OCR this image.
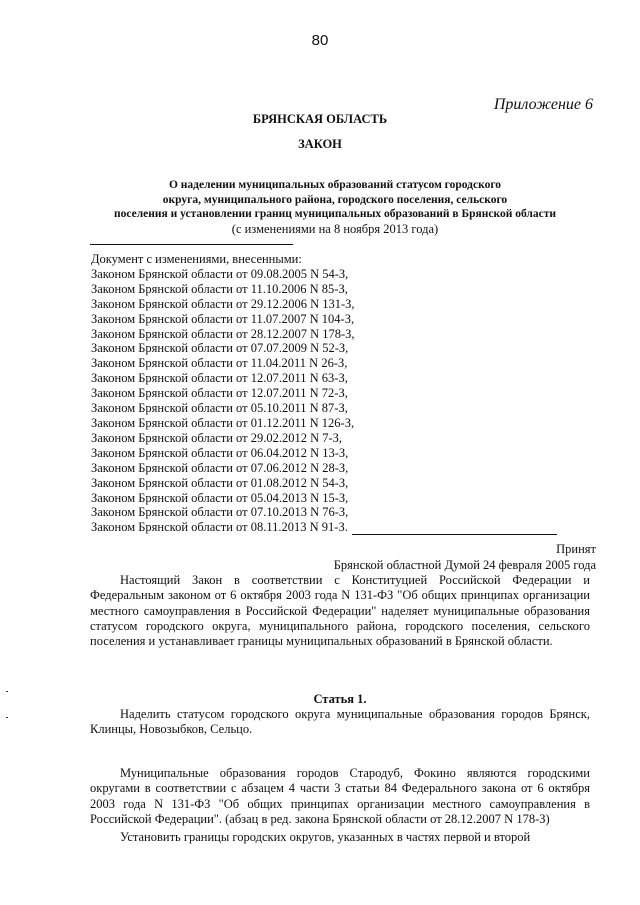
80
Приложение 6
БРЯНСКАЯ ОБЛАСТЬ
ЗАКОН
О наделении муниципальных образований статусом городского
округа, муниципального района, городского поселения, сельского
поселения и установлении границ муниципальных образований в Брянской области
(с изменениями на 8 ноября 2013 года)
Документ с изменениями, внесенными:
Законом Брянской области от 09.08.2005 N 54-З,
Законом Брянской области от 11.10.2006 N 85-З,
Законом Брянской области от 29.12.2006 N 131-З,
Законом Брянской области от 11.07.2007 N 104-З,
Законом Брянской области от 28.12.2007 N 178-З,
Законом Брянской области от 07.07.2009 N 52-З,
Законом Брянской области от 11.04.2011 N 26-З,
Законом Брянской области от 12.07.2011 N 63-З,
Законом Брянской области от 12.07.2011 N 72-З,
Законом Брянской области от 05.10.2011 N 87-З,
Законом Брянской области от 01.12.2011 N 126-З,
Законом Брянской области от 29.02.2012 N 7-З,
Законом Брянской области от 06.04.2012 N 13-З,
Законом Брянской области от 07.06.2012 N 28-З,
Законом Брянской области от 01.08.2012 N 54-З,
Законом Брянской области от 05.04.2013 N 15-З,
Законом Брянской области от 07.10.2013 N 76-З,
Законом Брянской области от 08.11.2013 N 91-З.
Принят
Брянской областной Думой 24 февраля 2005 года
Настоящий Закон в соответствии с Конституцией Российской Федерации и Федеральным законом от 6 октября 2003 года N 131-ФЗ "Об общих принципах организации местного самоуправления в Российской Федерации" наделяет муниципальные образования статусом городского округа, муниципального района, городского поселения, сельского поселения и устанавливает границы муниципальных образований в Брянской области.
Статья 1.
Наделить статусом городского округа муниципальные образования городов Брянск, Клинцы, Новозыбков, Сельцо.
Муниципальные образования городов Стародуб, Фокино являются городскими округами в соответствии с абзацем 4 части 3 статьи 84 Федерального закона от 6 октября 2003 года N 131-ФЗ "Об общих принципах организации местного самоуправления в Российской Федерации". (абзац в ред. закона Брянской области от 28.12.2007 N 178-З)
Установить границы городских округов, указанных в частях первой и второй
